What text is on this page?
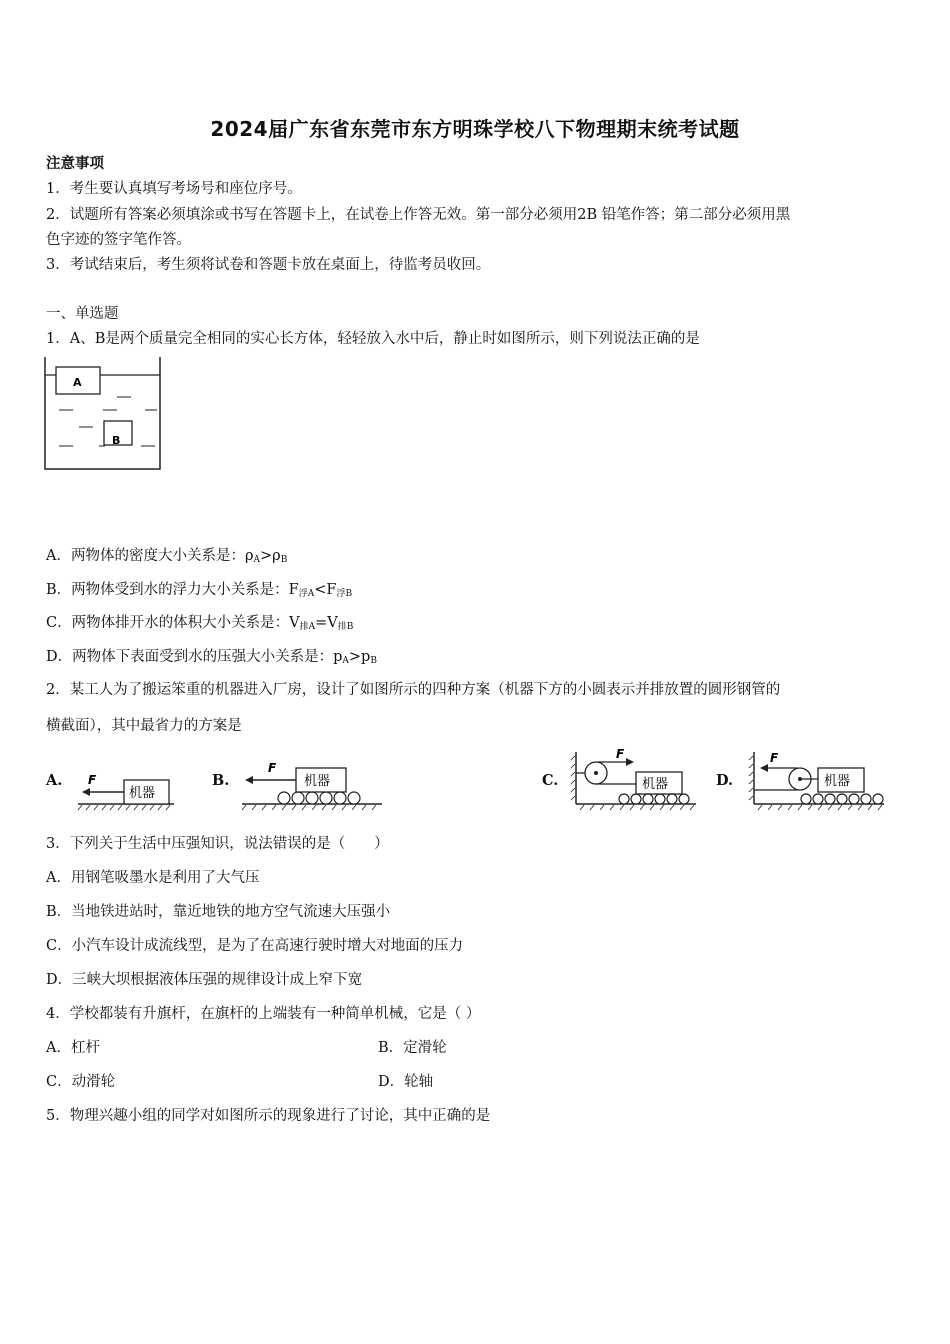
2024届广东省东莞市东方明珠学校八下物理期末统考试题
注意事项
1．考生要认真填写考场号和座位序号。
2．试题所有答案必须填涂或书写在答题卡上，在试卷上作答无效。第一部分必须用2B 铅笔作答；第二部分必须用黑
色字迹的签字笔作答。
3．考试结束后，考生须将试卷和答题卡放在桌面上，待监考员收回。
一、单选题
1．A、B是两个质量完全相同的实心长方体，轻轻放入水中后，静止时如图所示，则下列说法正确的是
A
B
A．两物体的密度大小关系是：$\rho_A>\rho_B$
B．两物体受到水的浮力大小关系是：$F_{浮A}<F_{浮B}$
C．两物体排开水的体积大小关系是：$V_{排A}=V_{排B}$
D．两物体下表面受到水的压强大小关系是：$p_A>p_B$
2．某工人为了搬运笨重的机器进入厂房，设计了如图所示的四种方案（机器下方的小圆表示并排放置的圆形钢管的
横截面），其中最省力的方案是
A.	B.	C.	D.
机器
F	机器
F
F
机器
F
机器
3．下列关于生活中压强知识，说法错误的是（　　）
A．用钢笔吸墨水是利用了大气压
B．当地铁进站时，靠近地铁的地方空气流速大压强小
C．小汽车设计成流线型，是为了在高速行驶时增大对地面的压力
D．三峡大坝根据液体压强的规律设计成上窄下宽
4．学校都装有升旗杆，在旗杆的上端装有一种简单机械，它是（ ）
A．杠杆	B．定滑轮
C．动滑轮	D．轮轴
5．物理兴趣小组的同学对如图所示的现象进行了讨论，其中正确的是
